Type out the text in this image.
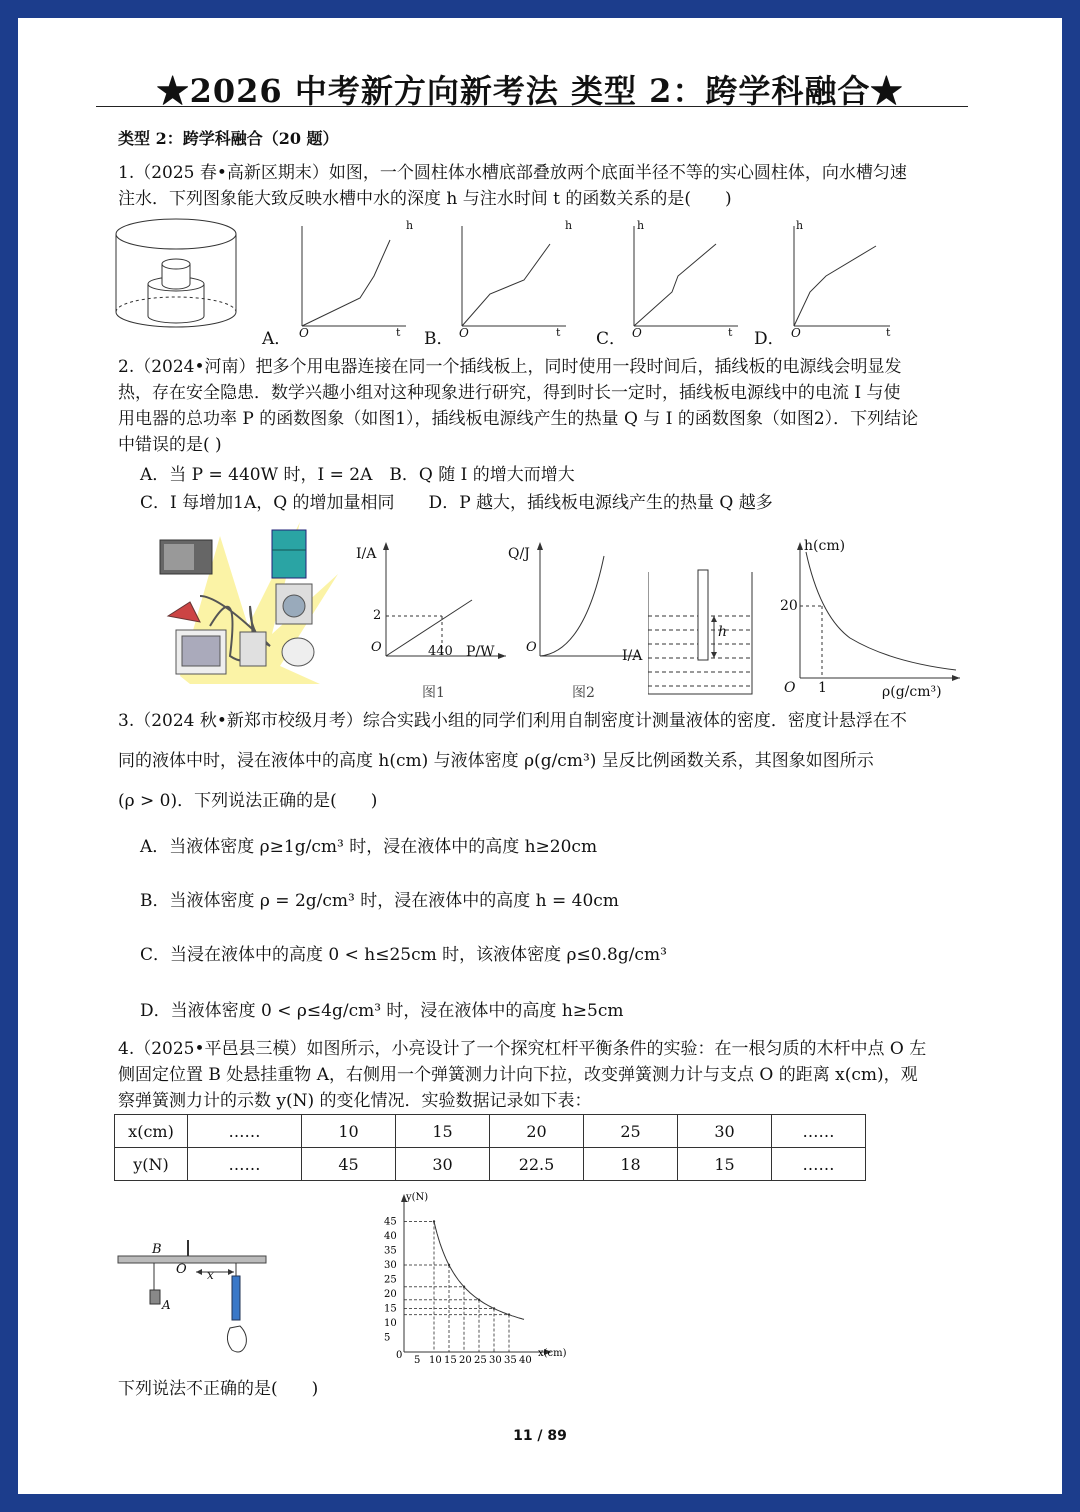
★2026 中考新方向新考法 类型 2：跨学科融合★
类型 2：跨学科融合（20 题）
1.（2025 春•高新区期末）如图，一个圆柱体水槽底部叠放两个底面半径不等的实心圆柱体，向水槽匀速
注水．下列图象能大致反映水槽中水的深度 h 与注水时间 t 的函数关系的是(　　)
h	h	h	h
O	O	O	O
t	t	t	t
A．	B．	C．	D．
2.（2024•河南）把多个用电器连接在同一个插线板上，同时使用一段时间后，插线板的电源线会明显发
热，存在安全隐患．数学兴趣小组对这种现象进行研究，得到时长一定时，插线板电源线中的电流 I 与使
用电器的总功率 P 的函数图象（如图1），插线板电源线产生的热量 Q 与 I 的函数图象（如图2）．下列结论
中错误的是( )
A．当 P = 440W 时，I = 2A　B．Q 随 I 的增大而增大
C．I 每增加1A，Q 的增加量相同　　D．P 越大，插线板电源线产生的热量 Q 越多
I/A
2
O	440 P/W
图1
Q/J
O
I/A
图2
h
h(cm)
20
O 1	ρ(g/cm³)
3.（2024 秋•新郑市校级月考）综合实践小组的同学们利用自制密度计测量液体的密度．密度计悬浮在不
同的液体中时，浸在液体中的高度 h(cm) 与液体密度 ρ(g/cm³) 呈反比例函数关系，其图象如图所示
(ρ > 0)．下列说法正确的是(　　)
A．当液体密度 ρ≥1g/cm³ 时，浸在液体中的高度 h≥20cm
B．当液体密度 ρ = 2g/cm³ 时，浸在液体中的高度 h = 40cm
C．当浸在液体中的高度 0 < h≤25cm 时，该液体密度 ρ≤0.8g/cm³
D．当液体密度 0 < ρ≤4g/cm³ 时，浸在液体中的高度 h≥5cm
4.（2025•平邑县三模）如图所示，小亮设计了一个探究杠杆平衡条件的实验：在一根匀质的木杆中点 O 左
侧固定位置 B 处悬挂重物 A，右侧用一个弹簧测力计向下拉，改变弹簧测力计与支点 O 的距离 x(cm)，观
察弹簧测力计的示数 y(N) 的变化情况．实验数据记录如下表：
x(cm)	……	10	15	20	25	30	……
y(N)	……	45	30	22.5	18	15	……
B
O x
A
5
10
15
20
25
30
35
40
45
5 10 15 20 25 30 35 40
y(N)
x(cm)
0
下列说法不正确的是(　　)
11 / 89
